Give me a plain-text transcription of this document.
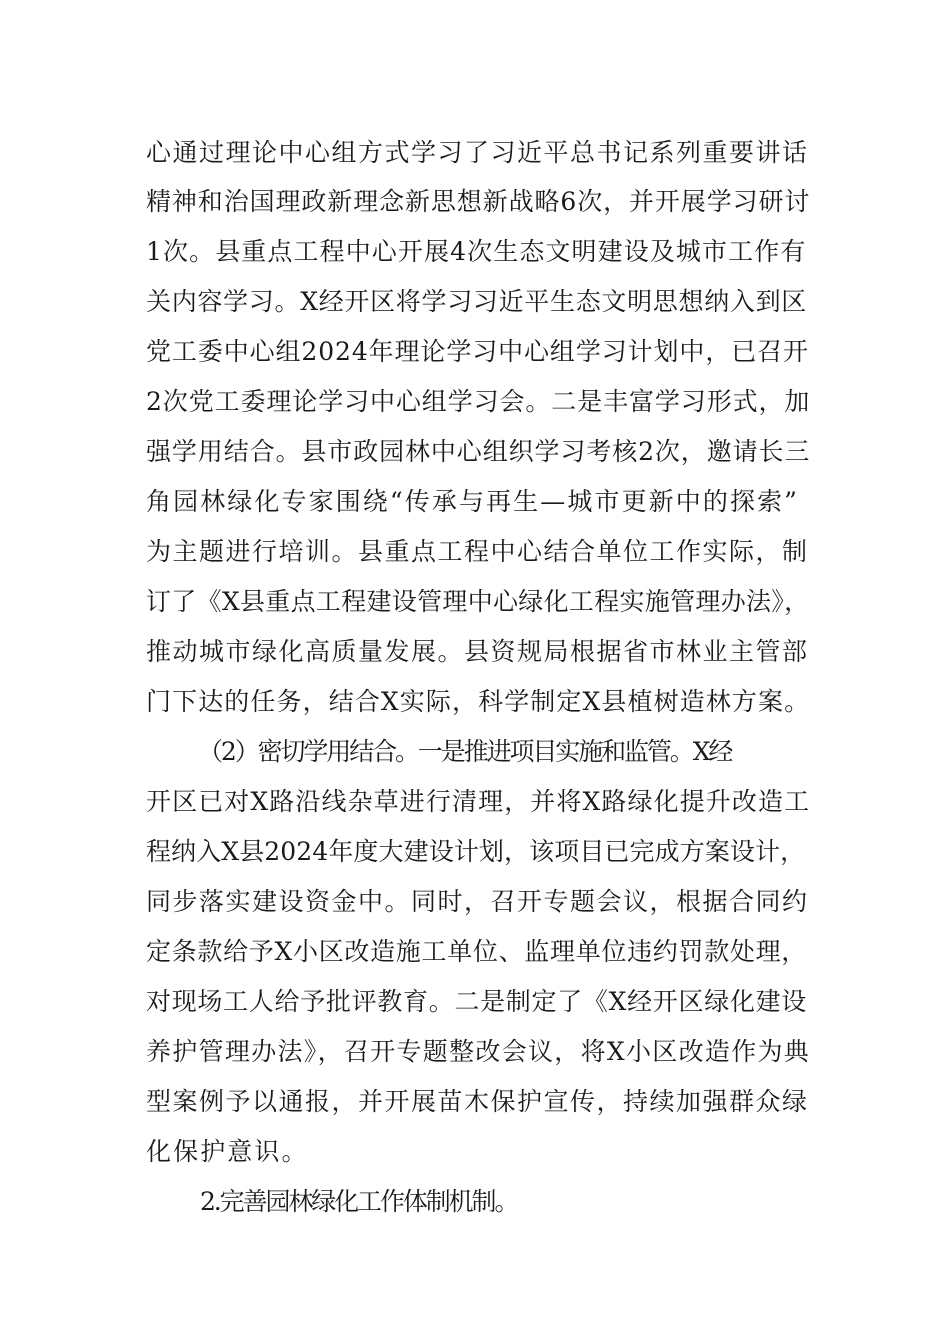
心通过理论中心组方式学习了习近平总书记系列重要讲话
精神和治国理政新理念新思想新战略6次，并开展学习研讨
1次。县重点工程中心开展4次生态文明建设及城市工作有
关内容学习。X经开区将学习习近平生态文明思想纳入到区
党工委中心组2024年理论学习中心组学习计划中，已召开
2次党工委理论学习中心组学习会。二是丰富学习形式，加
强学用结合。县市政园林中心组织学习考核2次，邀请长三
角园林绿化专家围绕“传承与再生—城市更新中的探索”
为主题进行培训。县重点工程中心结合单位工作实际，制
订了《X县重点工程建设管理中心绿化工程实施管理办法》，
推动城市绿化高质量发展。县资规局根据省市林业主管部
门下达的任务，结合X实际，科学制定X县植树造林方案。
（2）密切学用结合。一是推进项目实施和监管。X经
开区已对X路沿线杂草进行清理，并将X路绿化提升改造工
程纳入X县2024年度大建设计划，该项目已完成方案设计，
同步落实建设资金中。同时，召开专题会议，根据合同约
定条款给予X小区改造施工单位、监理单位违约罚款处理，
对现场工人给予批评教育。二是制定了《X经开区绿化建设
养护管理办法》，召开专题整改会议，将X小区改造作为典
型案例予以通报，并开展苗木保护宣传，持续加强群众绿
化保护意识。
2.完善园林绿化工作体制机制。
